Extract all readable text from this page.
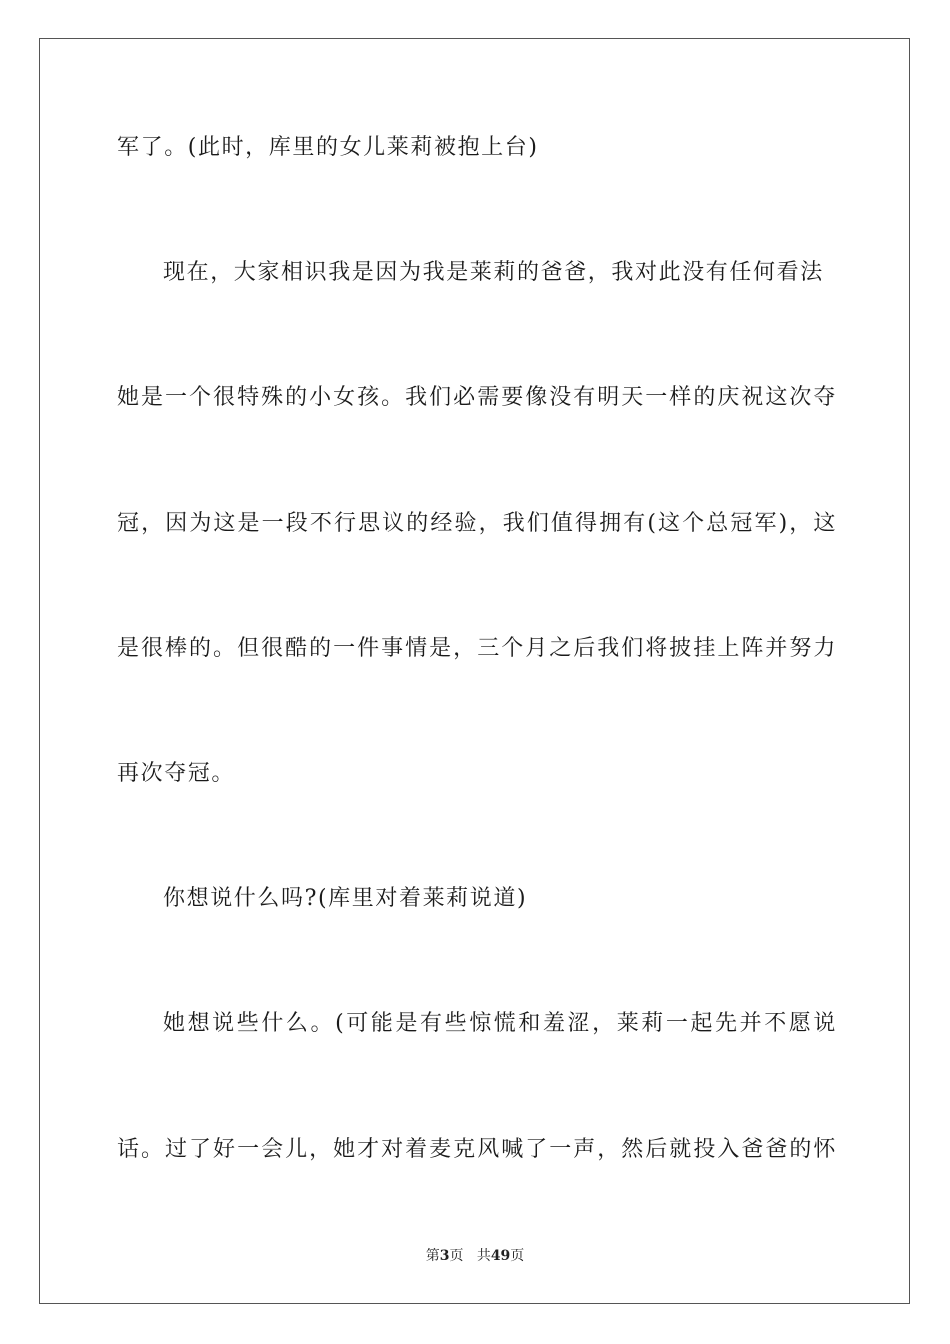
军了。(此时，库里的女儿莱莉被抱上台)
现在，大家相识我是因为我是莱莉的爸爸，我对此没有任何看法
她是一个很特殊的小女孩。我们必需要像没有明天一样的庆祝这次夺
冠，因为这是一段不行思议的经验，我们值得拥有(这个总冠军)，这
是很棒的。但很酷的一件事情是，三个月之后我们将披挂上阵并努力
再次夺冠。
你想说什么吗?(库里对着莱莉说道)
她想说些什么。(可能是有些惊慌和羞涩，莱莉一起先并不愿说
话。过了好一会儿，她才对着麦克风喊了一声，然后就投入爸爸的怀
第3页 共49页
